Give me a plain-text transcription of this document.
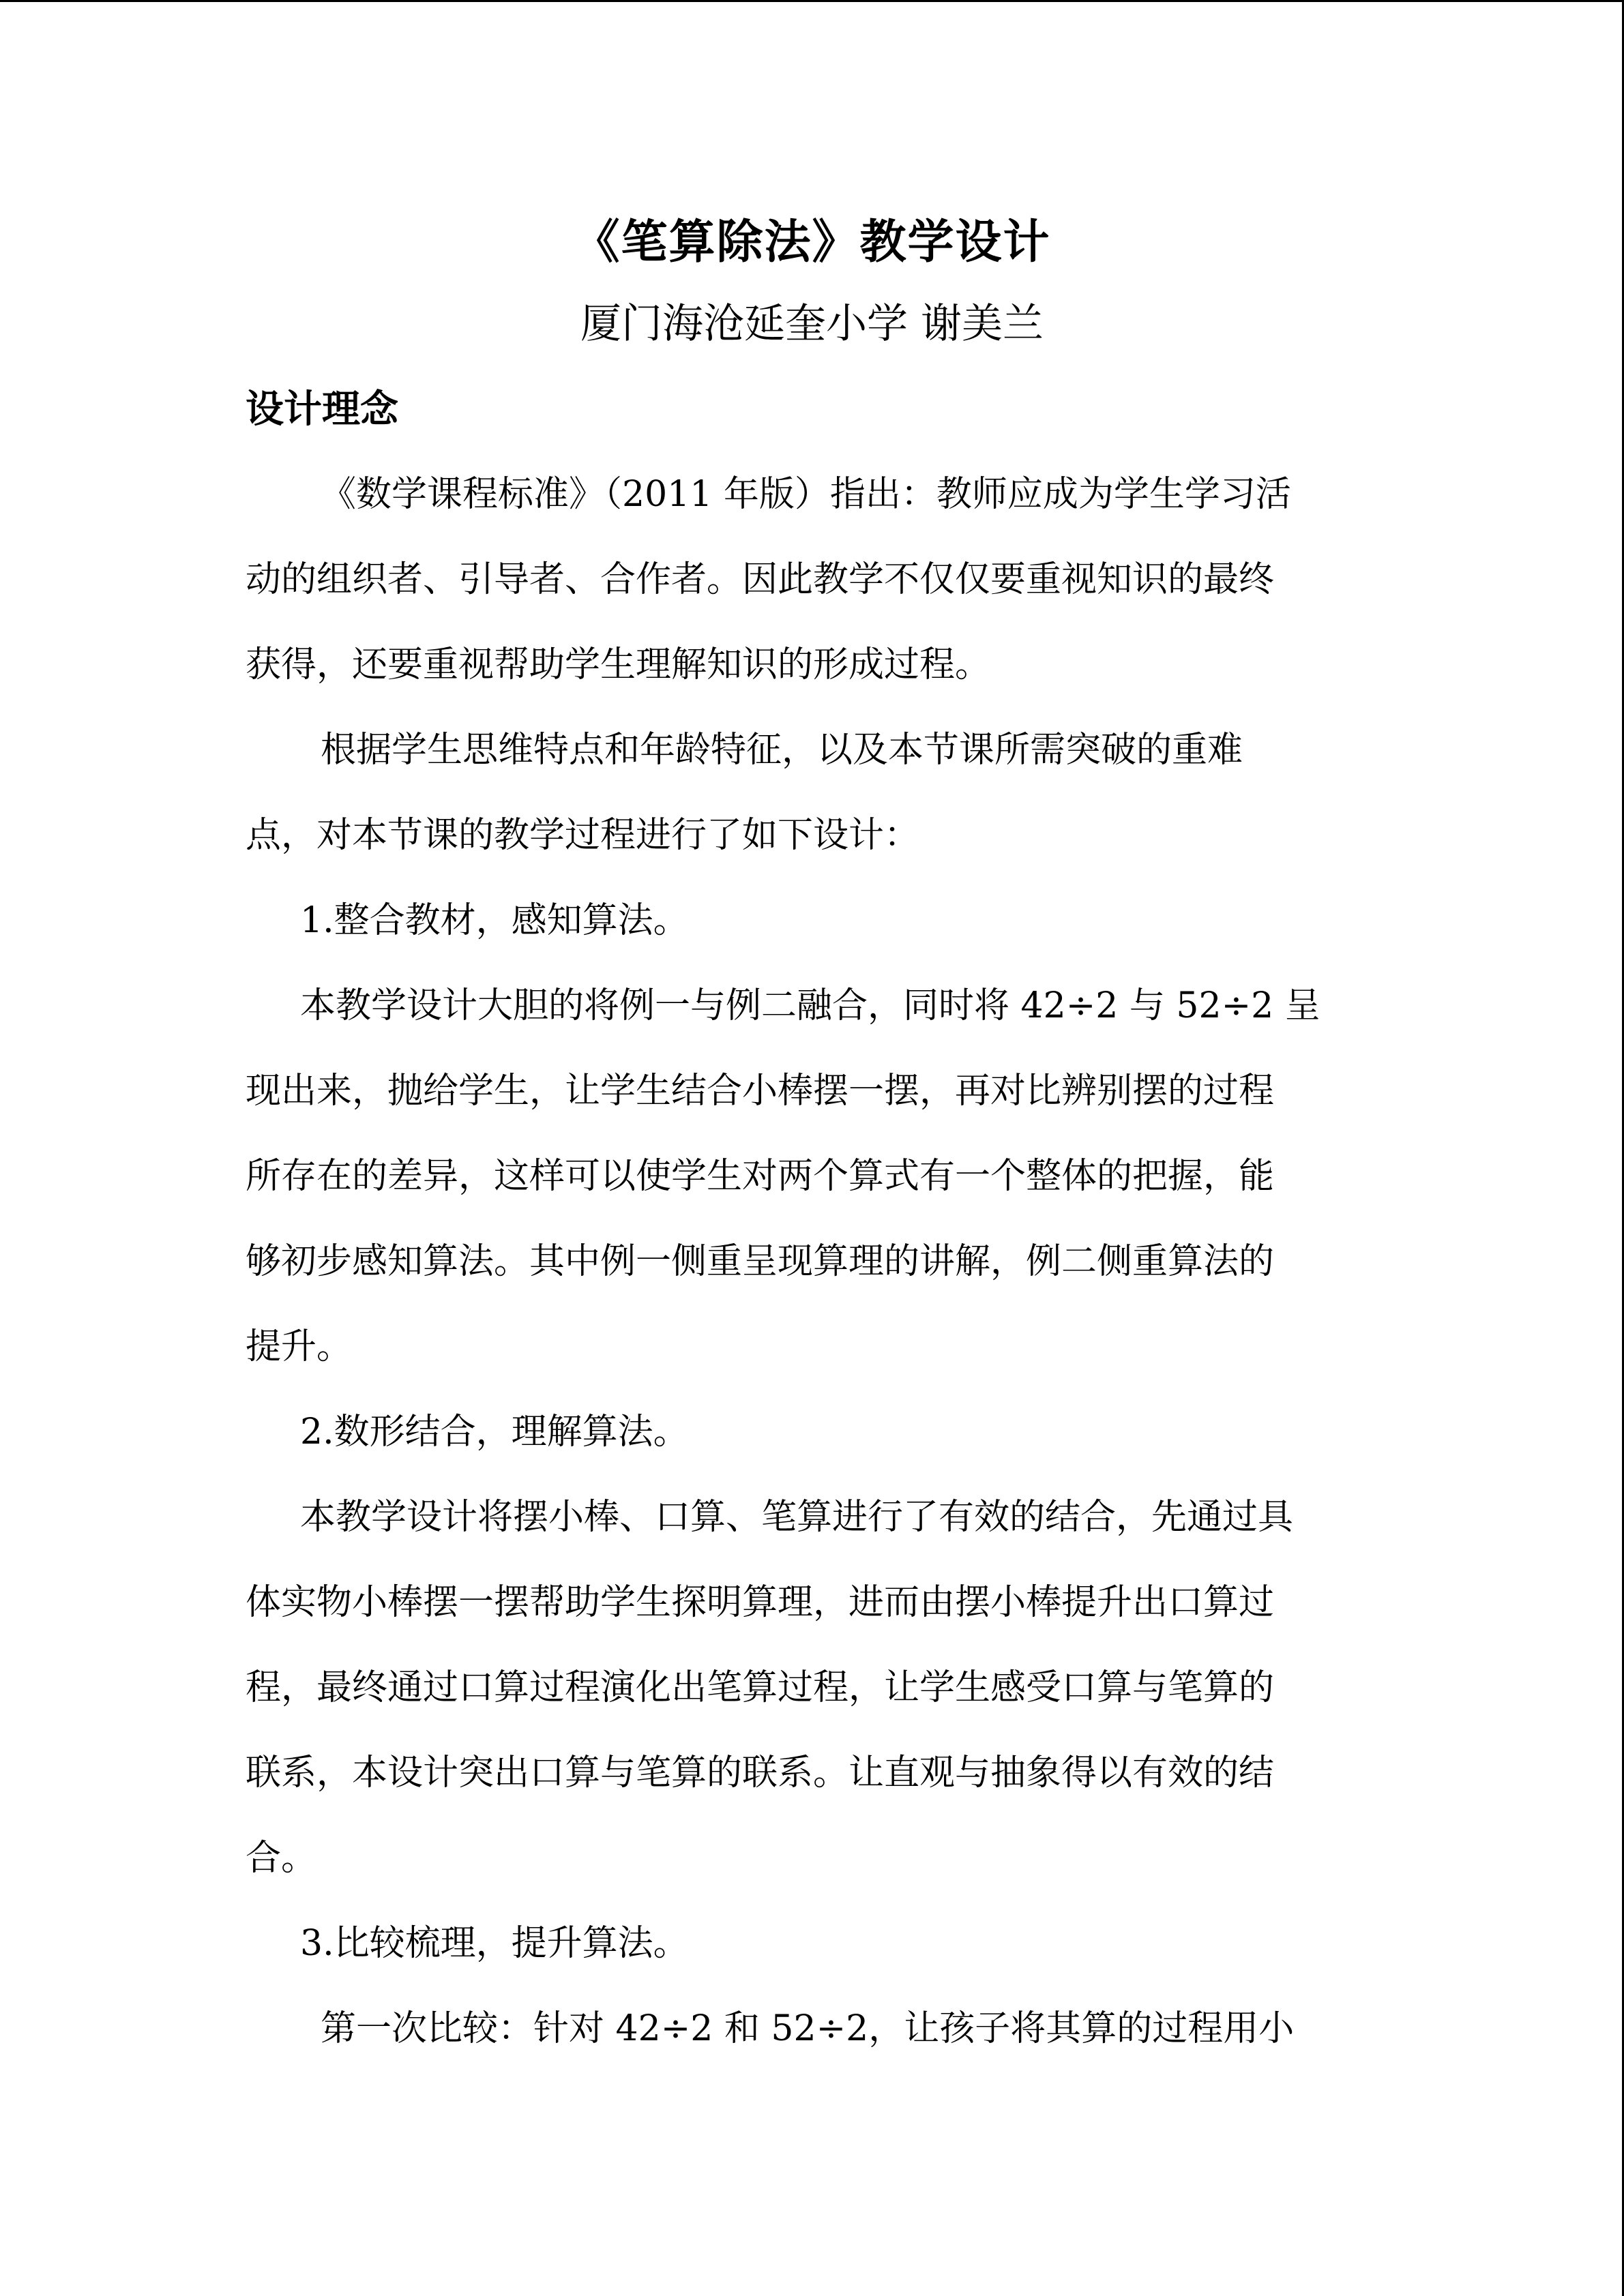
《笔算除法》教学设计
厦门海沧延奎小学 谢美兰
设计理念
《数学课程标准》（2011 年版）指出：教师应成为学生学习活
动的组织者、引导者、合作者。因此教学不仅仅要重视知识的最终
获得，还要重视帮助学生理解知识的形成过程。
根据学生思维特点和年龄特征，以及本节课所需突破的重难
点，对本节课的教学过程进行了如下设计：
1.整合教材，感知算法。
本教学设计大胆的将例一与例二融合，同时将 42÷2 与 52÷2 呈
现出来，抛给学生，让学生结合小棒摆一摆，再对比辨别摆的过程
所存在的差异，这样可以使学生对两个算式有一个整体的把握，能
够初步感知算法。其中例一侧重呈现算理的讲解，例二侧重算法的
提升。
2.数形结合，理解算法。
本教学设计将摆小棒、口算、笔算进行了有效的结合，先通过具
体实物小棒摆一摆帮助学生探明算理，进而由摆小棒提升出口算过
程，最终通过口算过程演化出笔算过程，让学生感受口算与笔算的
联系，本设计突出口算与笔算的联系。让直观与抽象得以有效的结
合。
3.比较梳理，提升算法。
第一次比较：针对 42÷2 和 52÷2，让孩子将其算的过程用小
